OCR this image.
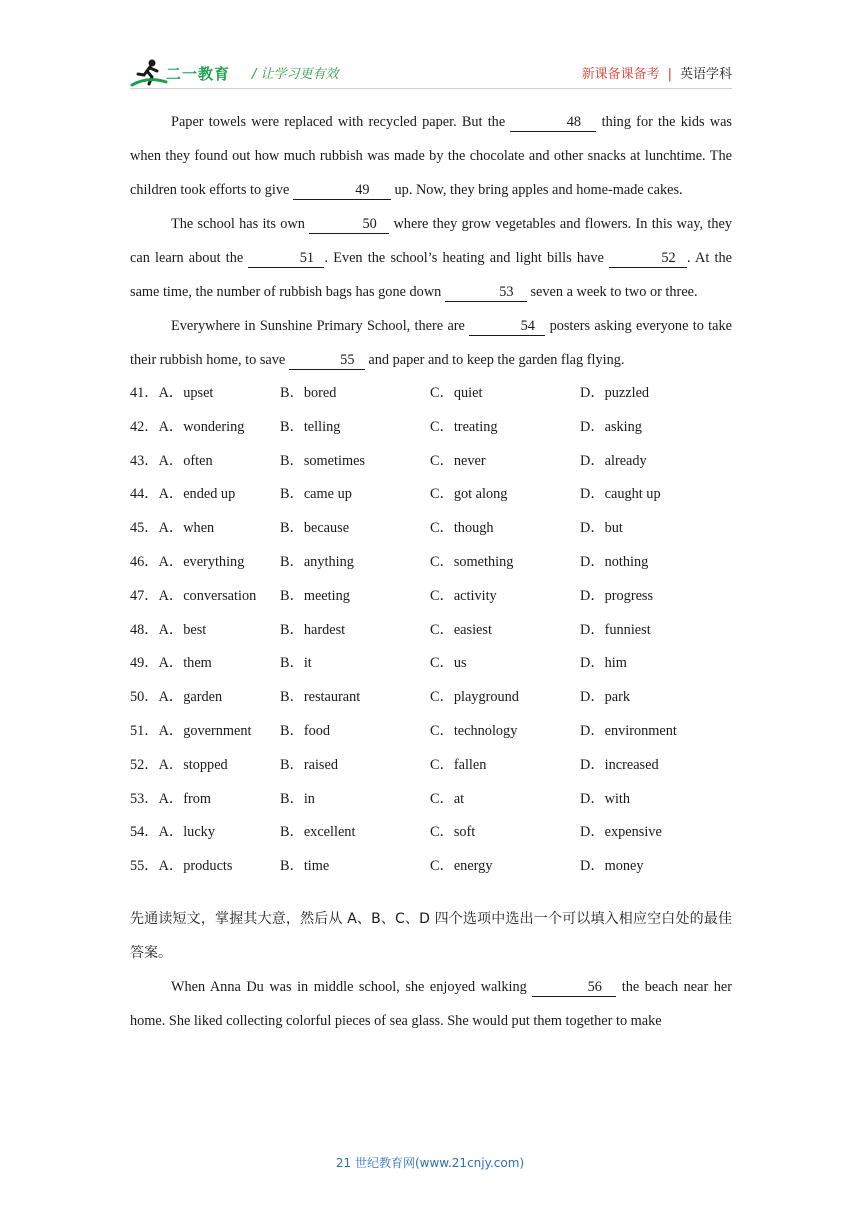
二一教育 / 让学习更有效	新课备课备考 | 英语学科

Paper towels were replaced with recycled paper. But the	48 thing for the kids was when they found out how much rubbish was made by the chocolate and other snacks at lunchtime. The children took efforts to give	49 up. Now, they bring apples and home-made cakes.

The school has its own	50 where they grow vegetables and flowers. In this way, they can learn about the	51 . Even the school’s heating and light bills have	52 . At the same time, the number of rubbish bags has gone down	53 seven a week to two or three.

Everywhere in Sunshine Primary School, there are	54 posters asking everyone to take their rubbish home, to save	55 and paper and to keep the garden flag flying.

41．A．upset	B．bored	C．quiet	D．puzzled
42．A．wondering B．telling	C．treating	D．asking
43．A．often	B．sometimes	C．never	D．already
44．A．ended up	B．came up	C．got along	D．caught up
45．A．when	B．because	C．though	D．but
46．A．everything B．anything	C．something	D．nothing
47．A．conversation B．meeting	C．activity	D．progress
48．A．best	B．hardest	C．easiest	D．funniest
49．A．them	B．it	C．us	D．him
50．A．garden	B．restaurant	C．playground	D．park
51．A．government B．food	C．technology	D．environment
52．A．stopped	B．raised	C．fallen	D．increased
53．A．from	B．in	C．at	D．with
54．A．lucky	B．excellent	C．soft	D．expensive
55．A．products	B．time	C．energy	D．money

先通读短文，掌握其大意，然后从 A、B、C、D 四个选项中选出一个可以填入相应空白处的最佳答案。

When Anna Du was in middle school, she enjoyed walking	56 the beach near her home. She liked collecting colorful pieces of sea glass. She would put them together to make

21 世纪教育网(www.21cnjy.com)
